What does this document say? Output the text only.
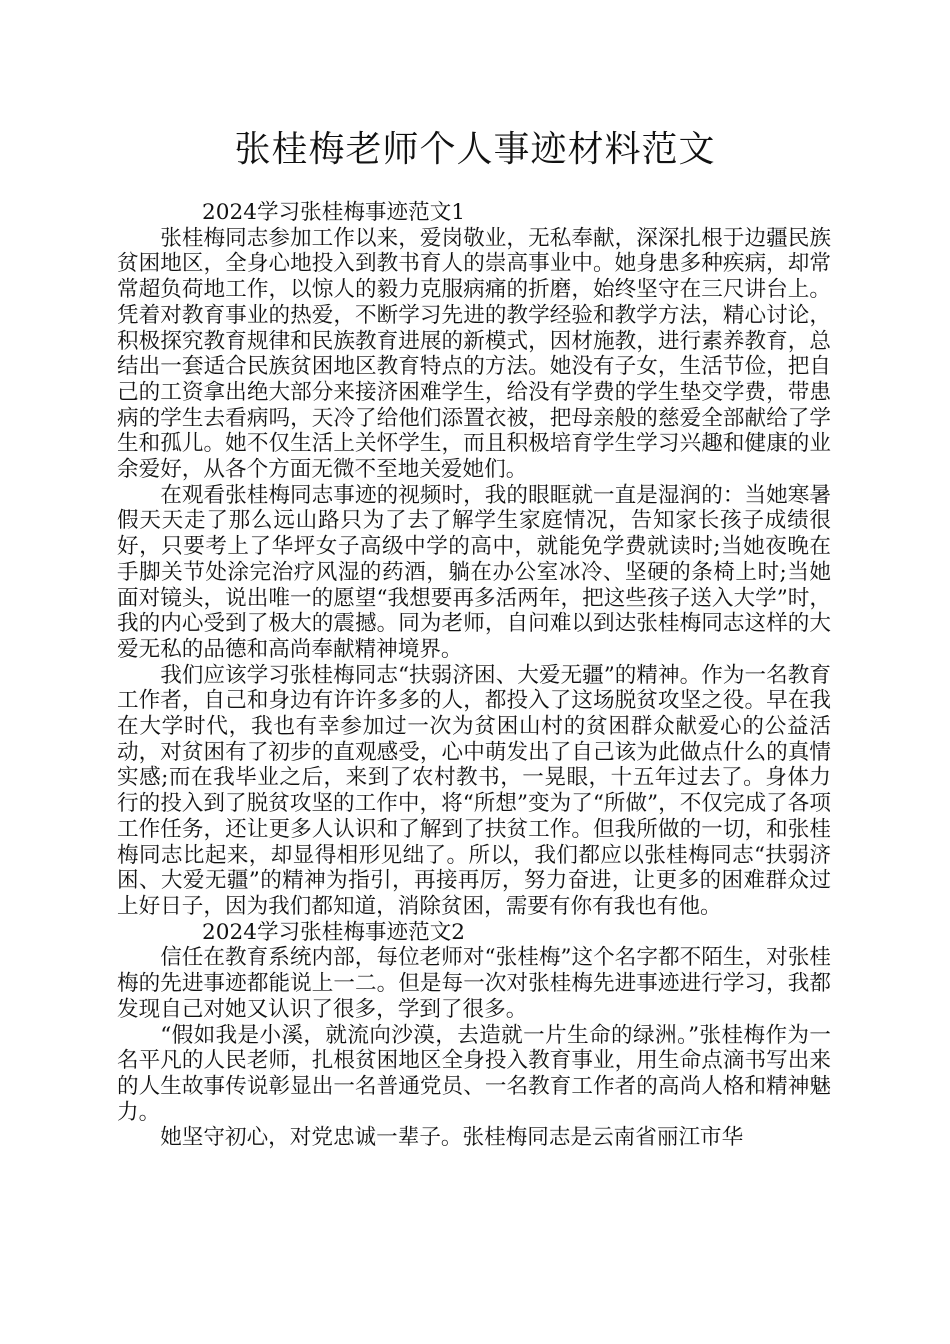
张桂梅老师个人事迹材料范文

2024学习张桂梅事迹范文1

张桂梅同志参加工作以来，爱岗敬业，无私奉献，深深扎根于边疆民族贫困地区，全身心地投入到教书育人的崇高事业中。她身患多种疾病，却常常超负荷地工作，以惊人的毅力克服病痛的折磨，始终坚守在三尺讲台上。凭着对教育事业的热爱，不断学习先进的教学经验和教学方法，精心讨论，积极探究教育规律和民族教育进展的新模式，因材施教，进行素养教育，总结出一套适合民族贫困地区教育特点的方法。她没有子女，生活节俭，把自己的工资拿出绝大部分来接济困难学生，给没有学费的学生垫交学费，带患病的学生去看病吗，天冷了给他们添置衣被，把母亲般的慈爱全部献给了学生和孤儿。她不仅生活上关怀学生，而且积极培育学生学习兴趣和健康的业余爱好，从各个方面无微不至地关爱她们。

在观看张桂梅同志事迹的视频时，我的眼眶就一直是湿润的：当她寒暑假天天走了那么远山路只为了去了解学生家庭情况，告知家长孩子成绩很好，只要考上了华坪女子高级中学的高中，就能免学费就读时;当她夜晚在手脚关节处涂完治疗风湿的药酒，躺在办公室冰冷、坚硬的条椅上时;当她面对镜头，说出唯一的愿望“我想要再多活两年，把这些孩子送入大学”时，我的内心受到了极大的震撼。同为老师，自问难以到达张桂梅同志这样的大爱无私的品德和高尚奉献精神境界。

我们应该学习张桂梅同志“扶弱济困、大爱无疆”的精神。作为一名教育工作者，自己和身边有许许多多的人，都投入了这场脱贫攻坚之役。早在我在大学时代，我也有幸参加过一次为贫困山村的贫困群众献爱心的公益活动，对贫困有了初步的直观感受，心中萌发出了自己该为此做点什么的真情实感;而在我毕业之后，来到了农村教书，一晃眼，十五年过去了。身体力行的投入到了脱贫攻坚的工作中，将“所想”变为了“所做”，不仅完成了各项工作任务，还让更多人认识和了解到了扶贫工作。但我所做的一切，和张桂梅同志比起来，却显得相形见绌了。所以，我们都应以张桂梅同志“扶弱济困、大爱无疆”的精神为指引，再接再厉，努力奋进，让更多的困难群众过上好日子，因为我们都知道，消除贫困，需要有你有我也有他。

2024学习张桂梅事迹范文2

信任在教育系统内部，每位老师对“张桂梅”这个名字都不陌生，对张桂梅的先进事迹都能说上一二。但是每一次对张桂梅先进事迹进行学习，我都发现自己对她又认识了很多，学到了很多。

“假如我是小溪，就流向沙漠，去造就一片生命的绿洲。”张桂梅作为一名平凡的人民老师，扎根贫困地区全身投入教育事业，用生命点滴书写出来的人生故事传说彰显出一名普通党员、一名教育工作者的高尚人格和精神魅力。

她坚守初心，对党忠诚一辈子。张桂梅同志是云南省丽江市华
